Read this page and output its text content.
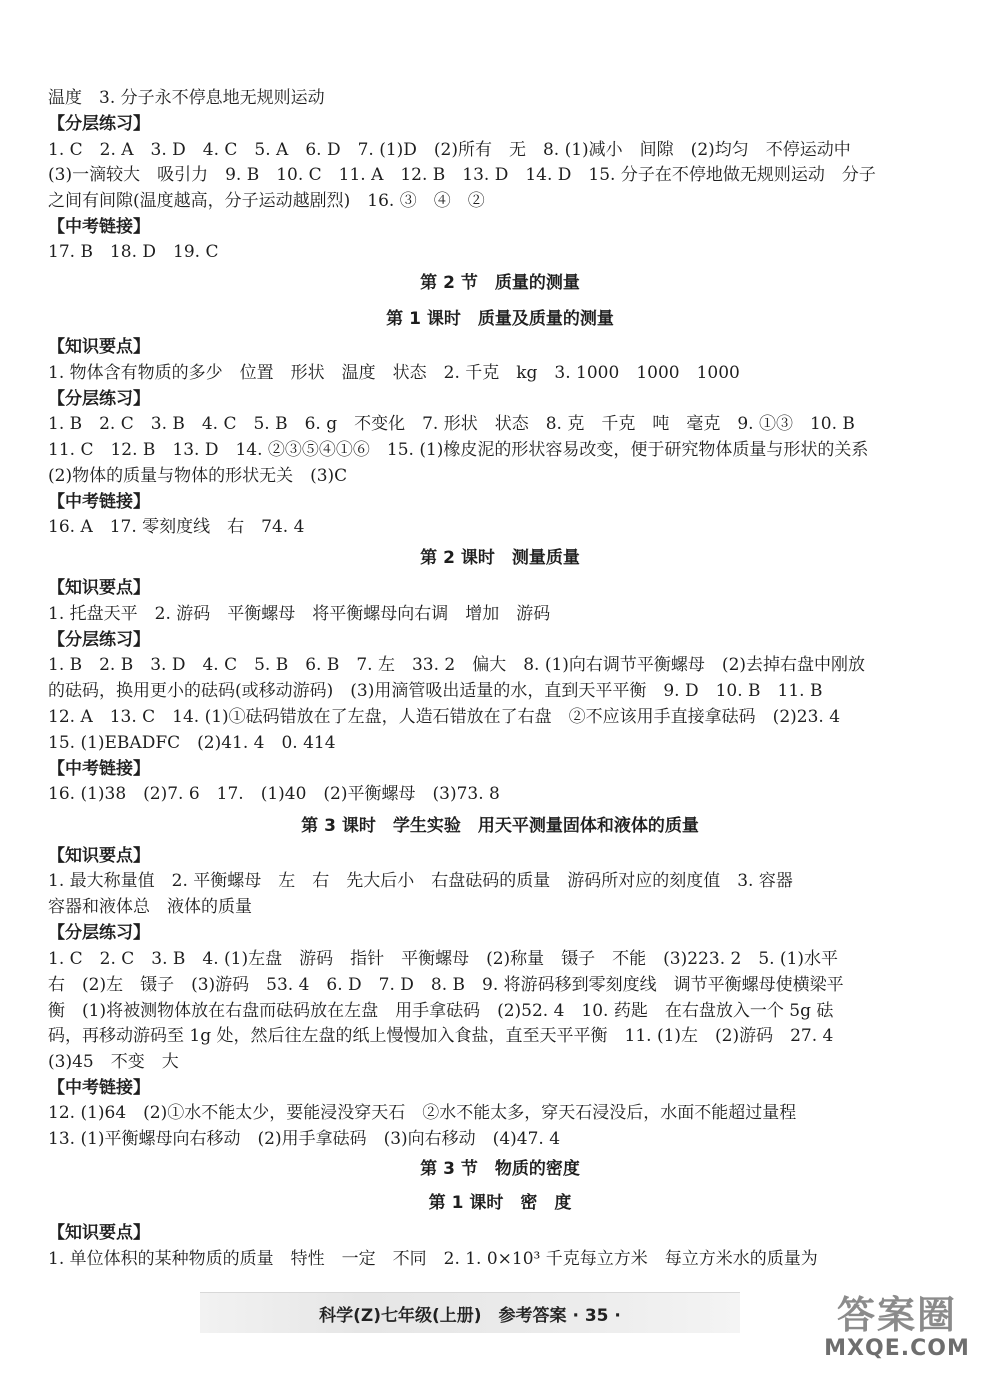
温度　3. 分子永不停息地无规则运动
【分层练习】
1. C　2. A　3. D　4. C　5. A　6. D　7. (1)D　(2)所有　无　8. (1)减小　间隙　(2)均匀　不停运动中
(3)一滴较大　吸引力　9. B　10. C　11. A　12. B　13. D　14. D　15. 分子在不停地做无规则运动　分子
之间有间隙(温度越高，分子运动越剧烈)　16. ③　④　②
【中考链接】
17. B　18. D　19. C
第 2 节　质量的测量
第 1 课时　质量及质量的测量
【知识要点】
1. 物体含有物质的多少　位置　形状　温度　状态　2. 千克　kg　3. 1000　1000　1000
【分层练习】
1. B　2. C　3. B　4. C　5. B　6. g　不变化　7. 形状　状态　8. 克　千克　吨　毫克　9. ①③　10. B
11. C　12. B　13. D　14. ②③⑤④①⑥　15. (1)橡皮泥的形状容易改变，便于研究物体质量与形状的关系
(2)物体的质量与物体的形状无关　(3)C
【中考链接】
16. A　17. 零刻度线　右　74. 4
第 2 课时　测量质量
【知识要点】
1. 托盘天平　2. 游码　平衡螺母　将平衡螺母向右调　增加　游码
【分层练习】
1. B　2. B　3. D　4. C　5. B　6. B　7. 左　33. 2　偏大　8. (1)向右调节平衡螺母　(2)去掉右盘中刚放
的砝码，换用更小的砝码(或移动游码)　(3)用滴管吸出适量的水，直到天平平衡　9. D　10. B　11. B
12. A　13. C　14. (1)①砝码错放在了左盘，人造石错放在了右盘　②不应该用手直接拿砝码　(2)23. 4
15. (1)EBADFC　(2)41. 4　0. 414
【中考链接】
16. (1)38　(2)7. 6　17.　(1)40　(2)平衡螺母　(3)73. 8
第 3 课时　学生实验　用天平测量固体和液体的质量
【知识要点】
1. 最大称量值　2. 平衡螺母　左　右　先大后小　右盘砝码的质量　游码所对应的刻度值　3. 容器
容器和液体总　液体的质量
【分层练习】
1. C　2. C　3. B　4. (1)左盘　游码　指针　平衡螺母　(2)称量　镊子　不能　(3)223. 2　5. (1)水平
右　(2)左　镊子　(3)游码　53. 4　6. D　7. D　8. B　9. 将游码移到零刻度线　调节平衡螺母使横梁平
衡　(1)将被测物体放在右盘而砝码放在左盘　用手拿砝码　(2)52. 4　10. 药匙　在右盘放入一个 5g 砝
码，再移动游码至 1g 处，然后往左盘的纸上慢慢加入食盐，直至天平平衡　11. (1)左　(2)游码　27. 4
(3)45　不变　大
【中考链接】
12. (1)64　(2)①水不能太少，要能浸没穿天石　②水不能太多，穿天石浸没后，水面不能超过量程
13. (1)平衡螺母向右移动　(2)用手拿砝码　(3)向右移动　(4)47. 4
第 3 节　物质的密度
第 1 课时　密　度
【知识要点】
1. 单位体积的某种物质的质量　特性　一定　不同　2. 1. 0×10³ 千克每立方米　每立方米水的质量为
科学(Z)七年级(上册)　参考答案 · 35 ·	答案圈
MXQE.COM
